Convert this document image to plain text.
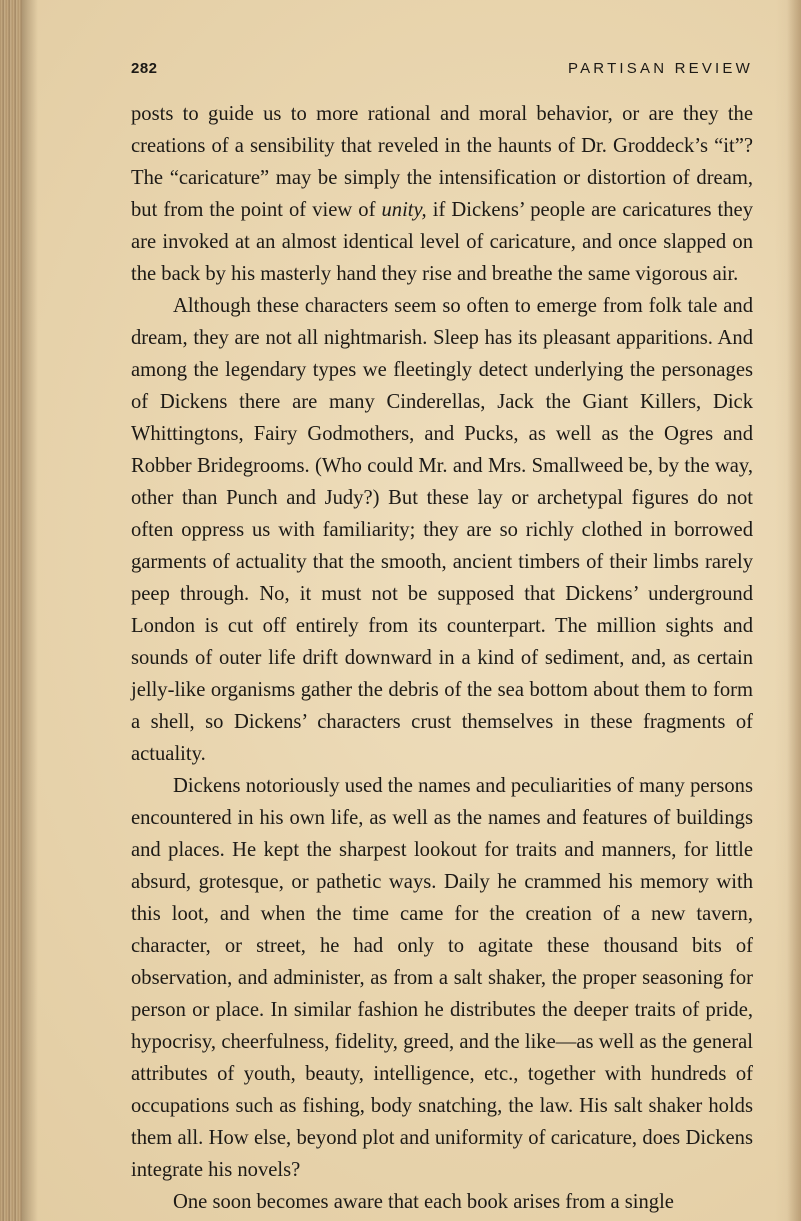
282	PARTISAN REVIEW

posts to guide us to more rational and moral behavior, or are they the creations of a sensibility that reveled in the haunts of Dr. Groddeck’s “it”? The “caricature” may be simply the intensification or distortion of dream, but from the point of view of unity, if Dickens’ people are caricatures they are invoked at an almost identical level of caricature, and once slapped on the back by his masterly hand they rise and breathe the same vigorous air.

Although these characters seem so often to emerge from folk tale and dream, they are not all nightmarish. Sleep has its pleasant apparitions. And among the legendary types we fleetingly detect underlying the personages of Dickens there are many Cinderellas, Jack the Giant Killers, Dick Whittingtons, Fairy Godmothers, and Pucks, as well as the Ogres and Robber Bridegrooms. (Who could Mr. and Mrs. Smallweed be, by the way, other than Punch and Judy?) But these lay or archetypal figures do not often oppress us with familiarity; they are so richly clothed in borrowed garments of actuality that the smooth, ancient timbers of their limbs rarely peep through. No, it must not be supposed that Dickens’ underground London is cut off entirely from its counterpart. The million sights and sounds of outer life drift downward in a kind of sediment, and, as certain jelly-like organisms gather the debris of the sea bottom about them to form a shell, so Dickens’ characters crust themselves in these fragments of actuality.

Dickens notoriously used the names and peculiarities of many persons encountered in his own life, as well as the names and features of buildings and places. He kept the sharpest lookout for traits and manners, for little absurd, grotesque, or pathetic ways. Daily he crammed his memory with this loot, and when the time came for the creation of a new tavern, character, or street, he had only to agitate these thousand bits of observation, and administer, as from a salt shaker, the proper seasoning for person or place. In similar fashion he distributes the deeper traits of pride, hypocrisy, cheerfulness, fidelity, greed, and the like—as well as the general attributes of youth, beauty, intelligence, etc., together with hundreds of occupations such as fishing, body snatching, the law. His salt shaker holds them all. How else, beyond plot and uniformity of caricature, does Dickens integrate his novels?

One soon becomes aware that each book arises from a single
